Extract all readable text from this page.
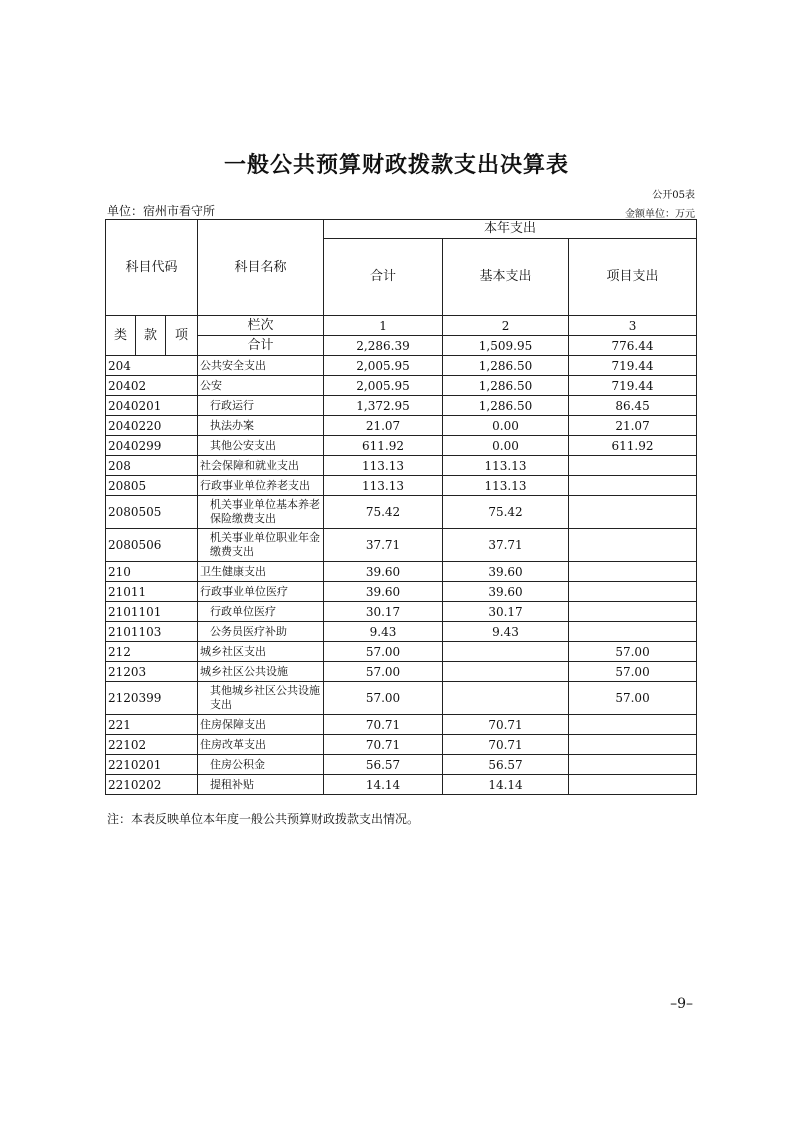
一般公共预算财政拨款支出决算表
公开05表
单位：宿州市看守所	金额单位：万元
科目代码			科目名称	本年支出		
				合计	基本支出	项目支出
类	款	项	栏次	1	2	3
			合计	2,286.39	1,509.95	776.44
204			公共安全支出	2,005.95	1,286.50	719.44
20402			公安	2,005.95	1,286.50	719.44
2040201			行政运行	1,372.95	1,286.50	86.45
2040220			执法办案	21.07	0.00	21.07
2040299			其他公安支出	611.92	0.00	611.92
208			社会保障和就业支出	113.13	113.13	
20805			行政事业单位养老支出	113.13	113.13	
2080505			机关事业单位基本养老保险缴费支出	75.42	75.42	
2080506			机关事业单位职业年金缴费支出	37.71	37.71	
210			卫生健康支出	39.60	39.60	
21011			行政事业单位医疗	39.60	39.60	
2101101			行政单位医疗	30.17	30.17	
2101103			公务员医疗补助	9.43	9.43	
212			城乡社区支出	57.00		57.00
21203			城乡社区公共设施	57.00		57.00
2120399			其他城乡社区公共设施支出	57.00		57.00
221			住房保障支出	70.71	70.71	
22102			住房改革支出	70.71	70.71	
2210201			住房公积金	56.57	56.57	
2210202			提租补贴	14.14	14.14	
注：本表反映单位本年度一般公共预算财政拨款支出情况。
–9–
